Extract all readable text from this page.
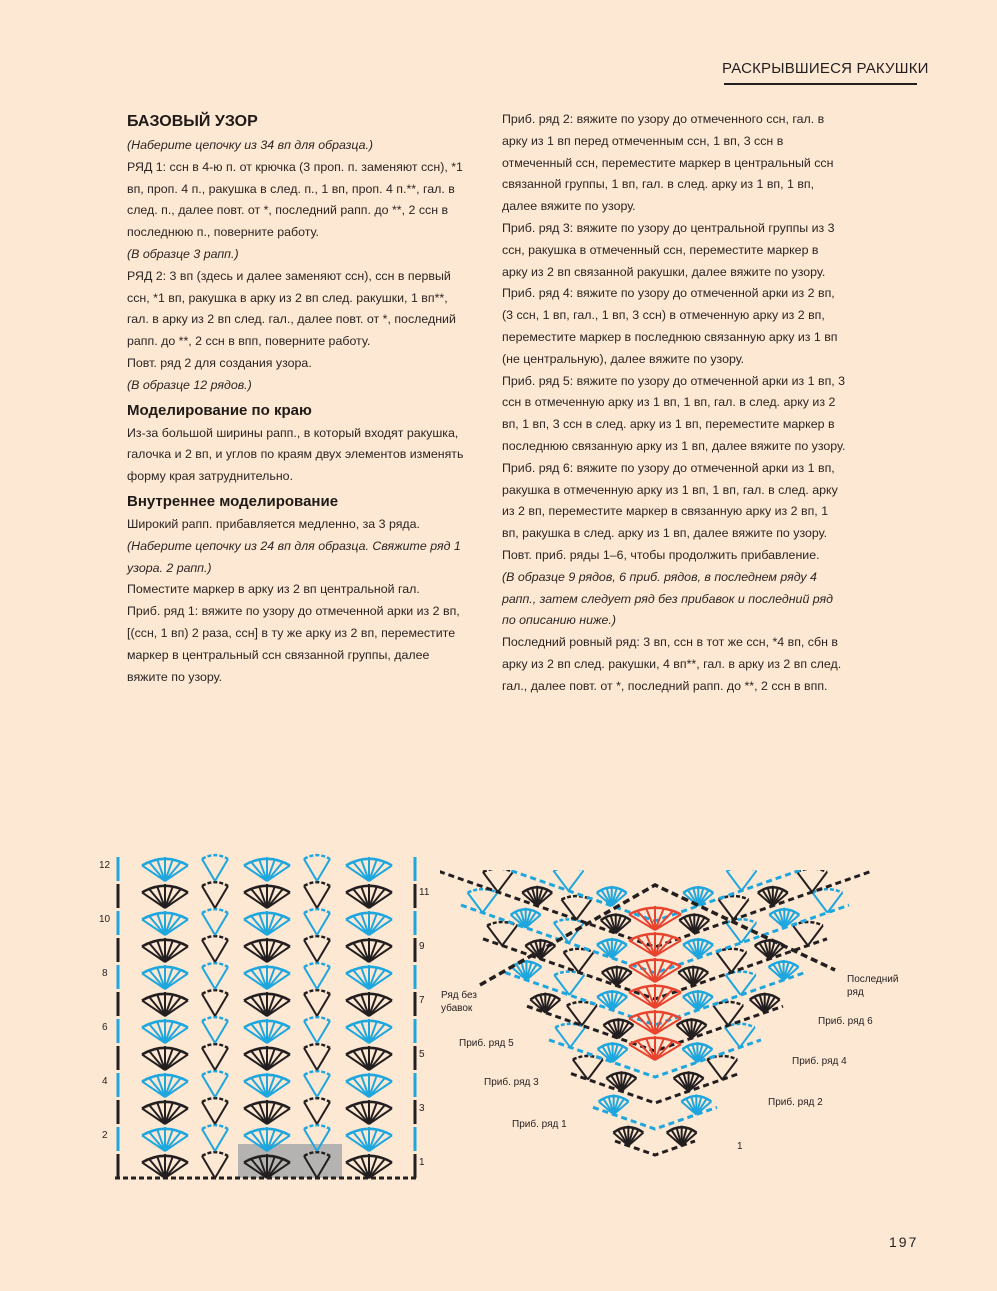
РАСКРЫВШИЕСЯ РАКУШКИ

БАЗОВЫЙ УЗОР

(Наберите цепочку из 34 вп для образца.)

РЯД 1: ссн в 4-ю п. от крючка (3 проп. п. заменяют ссн), *1 вп, проп. 4 п., ракушка в след. п., 1 вп, проп. 4 п.**, гал. в след. п., далее повт. от *, последний рапп. до **, 2 ссн в последнюю п., поверните работу.

(В образце 3 рапп.)

РЯД 2: 3 вп (здесь и далее заменяют ссн), ссн в первый ссн, *1 вп, ракушка в арку из 2 вп след. ракушки, 1 вп**, гал. в арку из 2 вп след. гал., далее повт. от *, последний рапп. до **, 2 ссн в впп, поверните работу.

Повт. ряд 2 для создания узора.

(В образце 12 рядов.)

Моделирование по краю

Из-за большой ширины рапп., в который входят ракушка, галочка и 2 вп, и углов по краям двух элементов изменять форму края затруднительно.

Внутреннее моделирование

Широкий рапп. прибавляется медленно, за 3 ряда.

(Наберите цепочку из 24 вп для образца. Свяжите ряд 1 узора. 2 рапп.)

Поместите маркер в арку из 2 вп центральной гал.

Приб. ряд 1: вяжите по узору до отмеченной арки из 2 вп, [(ссн, 1 вп) 2 раза, ссн] в ту же арку из 2 вп, переместите маркер в центральный ссн связанной группы, далее вяжите по узору.

Приб. ряд 2: вяжите по узору до отмеченного ссн, гал. в арку из 1 вп перед отмеченным ссн, 1 вп, 3 ссн в отмеченный ссн, переместите маркер в центральный ссн связанной группы, 1 вп, гал. в след. арку из 1 вп, 1 вп, далее вяжите по узору.

Приб. ряд 3: вяжите по узору до центральной группы из 3 ссн, ракушка в отмеченный ссн, переместите маркер в арку из 2 вп связанной ракушки, далее вяжите по узору.

Приб. ряд 4: вяжите по узору до отмеченной арки из 2 вп, (3 ссн, 1 вп, гал., 1 вп, 3 ссн) в отмеченную арку из 2 вп, переместите маркер в последнюю связанную арку из 1 вп (не центральную), далее вяжите по узору.

Приб. ряд 5: вяжите по узору до отмеченной арки из 1 вп, 3 ссн в отмеченную арку из 1 вп, 1 вп, гал. в след. арку из 2 вп, 1 вп, 3 ссн в след. арку из 1 вп, переместите маркер в последнюю связанную арку из 1 вп, далее вяжите по узору.

Приб. ряд 6: вяжите по узору до отмеченной арки из 1 вп, ракушка в отмеченную арку из 1 вп, 1 вп, гал. в след. арку из 2 вп, переместите маркер в связанную арку из 2 вп, 1 вп, ракушка в след. арку из 1 вп, далее вяжите по узору.

Повт. приб. ряды 1–6, чтобы продолжить прибавление.

(В образце 9 рядов, 6 приб. рядов, в последнем ряду 4 рапп., затем следует ряд без прибавок и последний ряд по описанию ниже.)

Последний ровный ряд: 3 вп, ссн в тот же ссн, *4 вп, сбн в арку из 2 вп след. ракушки, 4 вп**, гал. в арку из 2 вп след. гал., далее повт. от *, последний рапп. до **, 2 ссн в впп.

12
10
8
6
4
2
11
9
7
5
3
1
Ряд без убавок
Приб. ряд 5
Приб. ряд 3
Приб. ряд 1
Последний ряд
Приб. ряд 6
Приб. ряд 4
Приб. ряд 2
1
197
